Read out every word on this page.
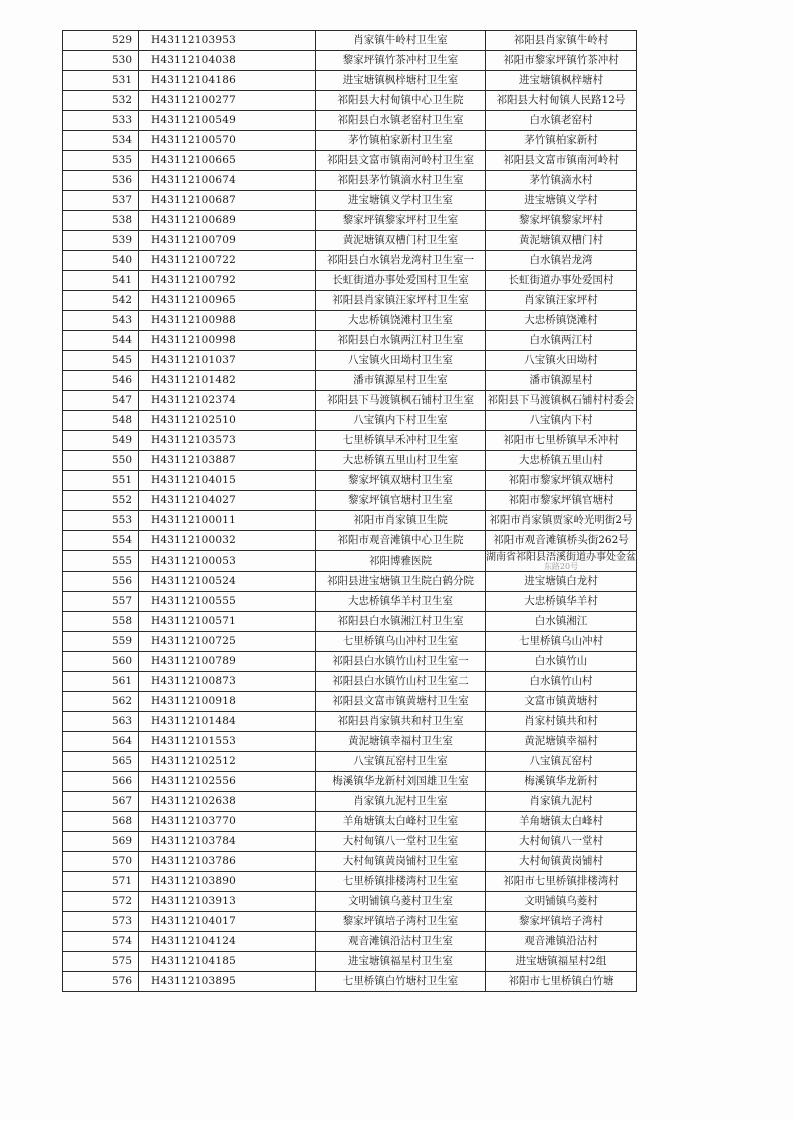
529	H43112103953	肖家镇牛岭村卫生室	祁阳县肖家镇牛岭村
530	H43112104038	黎家坪镇竹茶冲村卫生室	祁阳市黎家坪镇竹茶冲村
531	H43112104186	进宝塘镇枫梓塘村卫生室	进宝塘镇枫梓塘村
532	H43112100277	祁阳县大村甸镇中心卫生院	祁阳县大村甸镇人民路12号
533	H43112100549	祁阳县白水镇老窑村卫生室	白水镇老窑村
534	H43112100570	茅竹镇柏家新村卫生室	茅竹镇柏家新村
535	H43112100665	祁阳县文富市镇南河岭村卫生室	祁阳县文富市镇南河岭村
536	H43112100674	祁阳县茅竹镇滴水村卫生室	茅竹镇滴水村
537	H43112100687	进宝塘镇义学村卫生室	进宝塘镇义学村
538	H43112100689	黎家坪镇黎家坪村卫生室	黎家坪镇黎家坪村
539	H43112100709	黄泥塘镇双槽门村卫生室	黄泥塘镇双槽门村
540	H43112100722	祁阳县白水镇岩龙湾村卫生室一	白水镇岩龙湾
541	H43112100792	长虹街道办事处爱国村卫生室	长虹街道办事处爱国村
542	H43112100965	祁阳县肖家镇汪家坪村卫生室	肖家镇汪家坪村
543	H43112100988	大忠桥镇饶滩村卫生室	大忠桥镇饶滩村
544	H43112100998	祁阳县白水镇两江村卫生室	白水镇两江村
545	H43112101037	八宝镇火田坳村卫生室	八宝镇火田坳村
546	H43112101482	潘市镇源星村卫生室	潘市镇源星村
547	H43112102374	祁阳县下马渡镇枫石铺村卫生室	祁阳县下马渡镇枫石铺村村委会
548	H43112102510	八宝镇内下村卫生室	八宝镇内下村
549	H43112103573	七里桥镇早禾冲村卫生室	祁阳市七里桥镇早禾冲村
550	H43112103887	大忠桥镇五里山村卫生室	大忠桥镇五里山村
551	H43112104015	黎家坪镇双塘村卫生室	祁阳市黎家坪镇双塘村
552	H43112104027	黎家坪镇官塘村卫生室	祁阳市黎家坪镇官塘村
553	H43112100011	祁阳市肖家镇卫生院	祁阳市肖家镇贾家岭光明街2号
554	H43112100032	祁阳市观音滩镇中心卫生院	祁阳市观音滩镇桥头街262号
555	H43112100053	祁阳博雅医院	湖南省祁阳县浯溪街道办事处金盆
东路20号

556	H43112100524	祁阳县进宝塘镇卫生院白鹤分院	进宝塘镇白龙村
557	H43112100555	大忠桥镇华羊村卫生室	大忠桥镇华羊村
558	H43112100571	祁阳县白水镇湘江村卫生室	白水镇湘江
559	H43112100725	七里桥镇乌山冲村卫生室	七里桥镇乌山冲村
560	H43112100789	祁阳县白水镇竹山村卫生室一	白水镇竹山
561	H43112100873	祁阳县白水镇竹山村卫生室二	白水镇竹山村
562	H43112100918	祁阳县文富市镇黄塘村卫生室	文富市镇黄塘村
563	H43112101484	祁阳县肖家镇共和村卫生室	肖家村镇共和村
564	H43112101553	黄泥塘镇幸福村卫生室	黄泥塘镇幸福村
565	H43112102512	八宝镇瓦窑村卫生室	八宝镇瓦窑村
566	H43112102556	梅溪镇华龙新村刘国雄卫生室	梅溪镇华龙新村
567	H43112102638	肖家镇九泥村卫生室	肖家镇九泥村
568	H43112103770	羊角塘镇太白峰村卫生室	羊角塘镇太白峰村
569	H43112103784	大村甸镇八一堂村卫生室	大村甸镇八一堂村
570	H43112103786	大村甸镇黄岗铺村卫生室	大村甸镇黄岗铺村
571	H43112103890	七里桥镇排楼湾村卫生室	祁阳市七里桥镇排楼湾村
572	H43112103913	文明铺镇乌菱村卫生室	文明铺镇乌菱村
573	H43112104017	黎家坪镇培子湾村卫生室	黎家坪镇培子湾村
574	H43112104124	观音滩镇沿沽村卫生室	观音滩镇沿沽村
575	H43112104185	进宝塘镇福星村卫生室	进宝塘镇福星村2组
576	H43112103895	七里桥镇白竹塘村卫生室	祁阳市七里桥镇白竹塘
